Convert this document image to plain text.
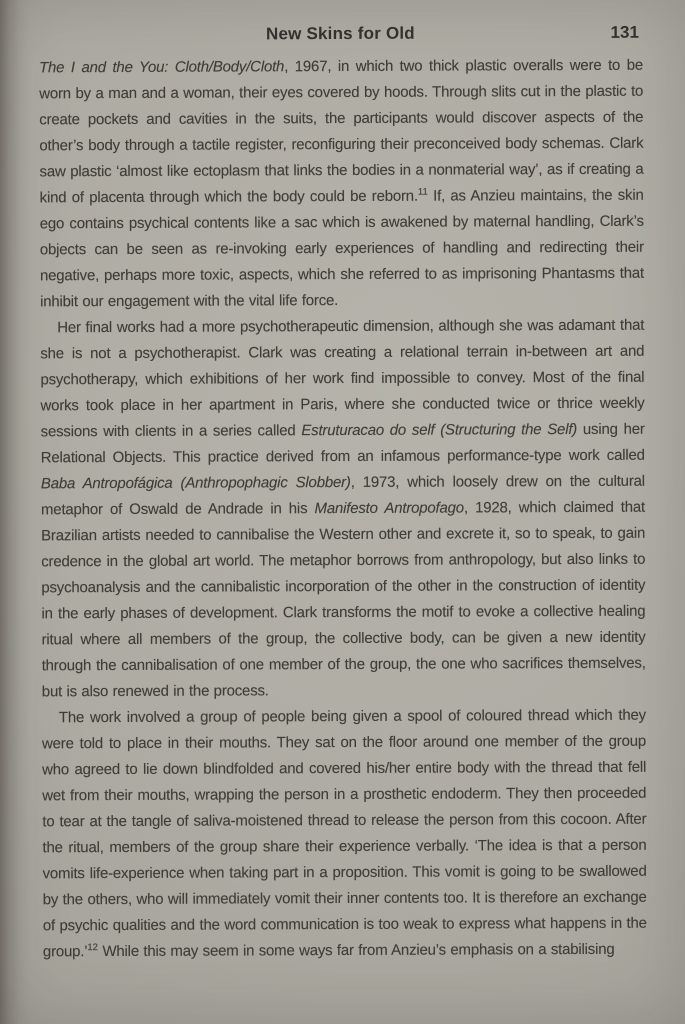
New Skins for Old	131

The I and the You: Cloth/Body/Cloth, 1967, in which two thick plastic overalls were to be worn by a man and a woman, their eyes covered by hoods. Through slits cut in the plastic to create pockets and cavities in the suits, the participants would discover aspects of the other’s body through a tactile register, reconfiguring their preconceived body schemas. Clark saw plastic ‘almost like ectoplasm that links the bodies in a nonmaterial way’, as if creating a kind of placenta through which the body could be reborn.$^{11}$ If, as Anzieu maintains, the skin ego contains psychical contents like a sac which is awakened by maternal handling, Clark’s objects can be seen as re-invoking early experiences of handling and redirecting their negative, perhaps more toxic, aspects, which she referred to as imprisoning Phantasms that inhibit our engagement with the vital life force.

Her final works had a more psychotherapeutic dimension, although she was adamant that she is not a psychotherapist. Clark was creating a relational terrain in-between art and psychotherapy, which exhibitions of her work find impossible to convey. Most of the final works took place in her apartment in Paris, where she conducted twice or thrice weekly sessions with clients in a series called Estruturacao do self (Structuring the Self) using her Relational Objects. This practice derived from an infamous performance-type work called Baba Antropofágica (Anthropophagic Slobber), 1973, which loosely drew on the cultural metaphor of Oswald de Andrade in his Manifesto Antropofago, 1928, which claimed that Brazilian artists needed to cannibalise the Western other and excrete it, so to speak, to gain credence in the global art world. The metaphor borrows from anthropology, but also links to psychoanalysis and the cannibalistic incorporation of the other in the construction of identity in the early phases of development. Clark transforms the motif to evoke a collective healing ritual where all members of the group, the collective body, can be given a new identity through the cannibalisation of one member of the group, the one who sacrifices themselves, but is also renewed in the process.

The work involved a group of people being given a spool of coloured thread which they were told to place in their mouths. They sat on the floor around one member of the group who agreed to lie down blindfolded and covered his/her entire body with the thread that fell wet from their mouths, wrapping the person in a prosthetic endoderm. They then proceeded to tear at the tangle of saliva-moistened thread to release the person from this cocoon. After the ritual, members of the group share their experience verbally. ‘The idea is that a person vomits life-experience when taking part in a proposition. This vomit is going to be swallowed by the others, who will immediately vomit their inner contents too. It is therefore an exchange of psychic qualities and the word communication is too weak to express what happens in the group.’$^{12}$ While this may seem in some ways far from Anzieu’s emphasis on a stabilising
